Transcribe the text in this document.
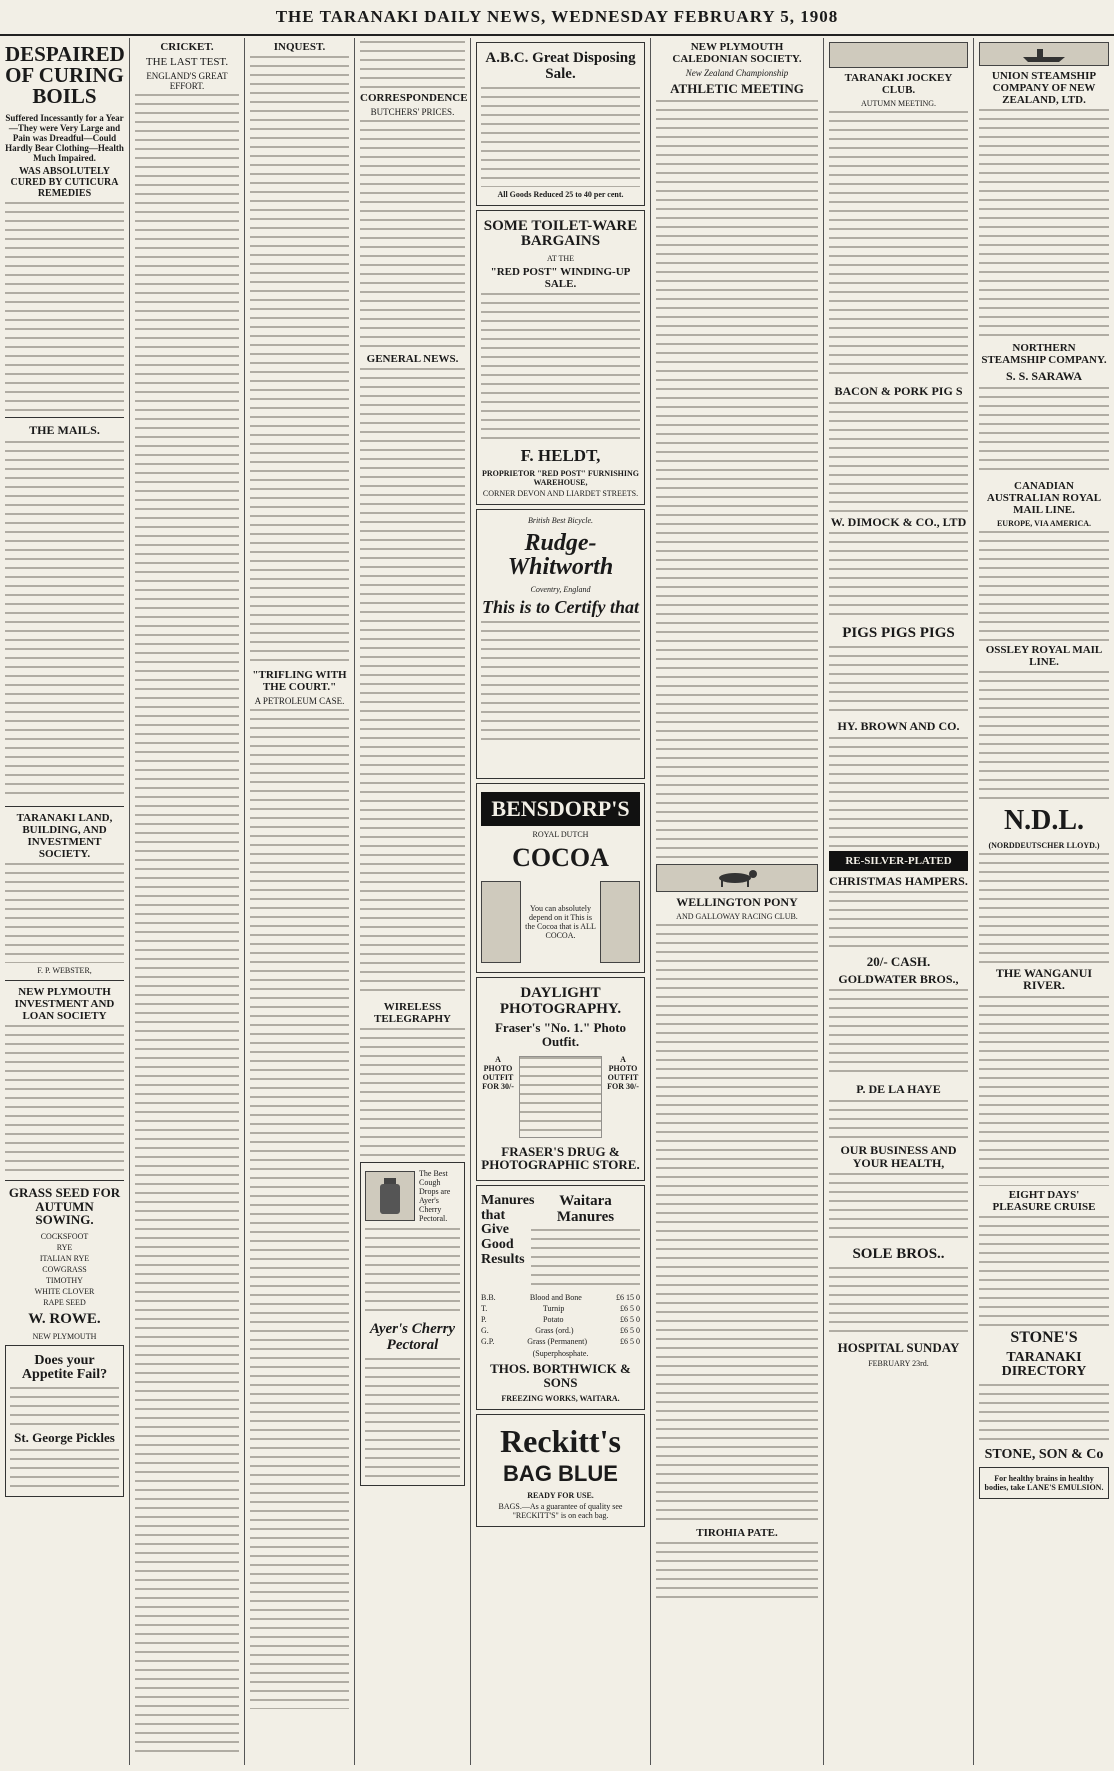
THE TARANAKI DAILY NEWS, WEDNESDAY FEBRUARY 5, 1908
DESPAIRED OF CURING BOILS
Suffered Incessantly for a Year—They were Very Large and Pain was Dreadful—Could Hardly Bear Clothing—Health Much Impaired.
WAS ABSOLUTELY CURED BY CUTICURA REMEDIES
THE MAILS.
TARANAKI LAND, BUILDING, AND INVESTMENT SOCIETY.
F. P. WEBSTER,
NEW PLYMOUTH INVESTMENT AND LOAN SOCIETY
GRASS SEED FOR AUTUMN SOWING.
COCKSFOOT
RYE
ITALIAN RYE
COWGRASS
TIMOTHY
WHITE CLOVER
RAPE SEED
W. ROWE.
NEW PLYMOUTH
Does your Appetite Fail?
St. George Pickles
CRICKET.
THE LAST TEST.
ENGLAND'S GREAT EFFORT.
INQUEST.
"TRIFLING WITH THE COURT."
A PETROLEUM CASE.
CORRESPONDENCE
BUTCHERS' PRICES.
GENERAL NEWS.
WIRELESS TELEGRAPHY
The Best Cough Drops are Ayer's Cherry Pectoral.
Ayer's Cherry Pectoral
A.B.C. Great Disposing Sale.
All Goods Reduced 25 to 40 per cent.
SOME TOILET-WARE BARGAINS
AT THE
"RED POST" WINDING-UP SALE.
F. HELDT,
PROPRIETOR "RED POST" FURNISHING WAREHOUSE,
CORNER DEVON AND LIARDET STREETS.
British Best Bicycle.
Rudge-Whitworth
Coventry, England
This is to Certify that
BENSDORP'S
ROYAL DUTCH
COCOA
You can absolutely depend on it This is the Cocoa that is ALL COCOA.
DAYLIGHT PHOTOGRAPHY.
Fraser's "No. 1." Photo Outfit.
A PHOTO OUTFIT FOR 30/-
A PHOTO OUTFIT FOR 30/-
FRASER'S DRUG & PHOTOGRAPHIC STORE.
Manures that Give Good Results
Waitara Manures
B.B.	Blood and Bone	£6 15 0
T.	Turnip	£6 5 0
P.	Potato	£6 5 0
G.	Grass (ord.)	£6 5 0
G.P.	Grass (Permanent)	£6 5 0
(Superphosphate.
THOS. BORTHWICK & SONS
FREEZING WORKS, WAITARA.
Reckitt's
BAG BLUE
READY FOR USE.
BAGS.—As a guarantee of quality see "RECKITT'S" is on each bag.
NEW PLYMOUTH CALEDONIAN SOCIETY.
New Zealand Championship
ATHLETIC MEETING
WELLINGTON PONY
AND GALLOWAY RACING CLUB.
TIROHIA PATE.
TARANAKI JOCKEY CLUB.
AUTUMN MEETING.
BACON & PORK PIG S
W. DIMOCK & CO., LTD
PIGS PIGS PIGS
HY. BROWN AND CO.
RE-SILVER-PLATED
CHRISTMAS HAMPERS.
20/- CASH.
GOLDWATER BROS.,
P. DE LA HAYE
OUR BUSINESS AND YOUR HEALTH,
SOLE BROS..
HOSPITAL SUNDAY
FEBRUARY 23rd.
UNION STEAMSHIP COMPANY OF NEW ZEALAND, LTD.
NORTHERN STEAMSHIP COMPANY.
S. S. SARAWA
CANADIAN AUSTRALIAN ROYAL MAIL LINE.
EUROPE, VIA AMERICA.
OSSLEY ROYAL MAIL LINE.
N.D.L.
(NORDDEUTSCHER LLOYD.)
THE WANGANUI RIVER.
EIGHT DAYS' PLEASURE CRUISE
STONE'S
TARANAKI DIRECTORY
STONE, SON & Co
For healthy brains in healthy bodies, take LANE'S EMULSION.
